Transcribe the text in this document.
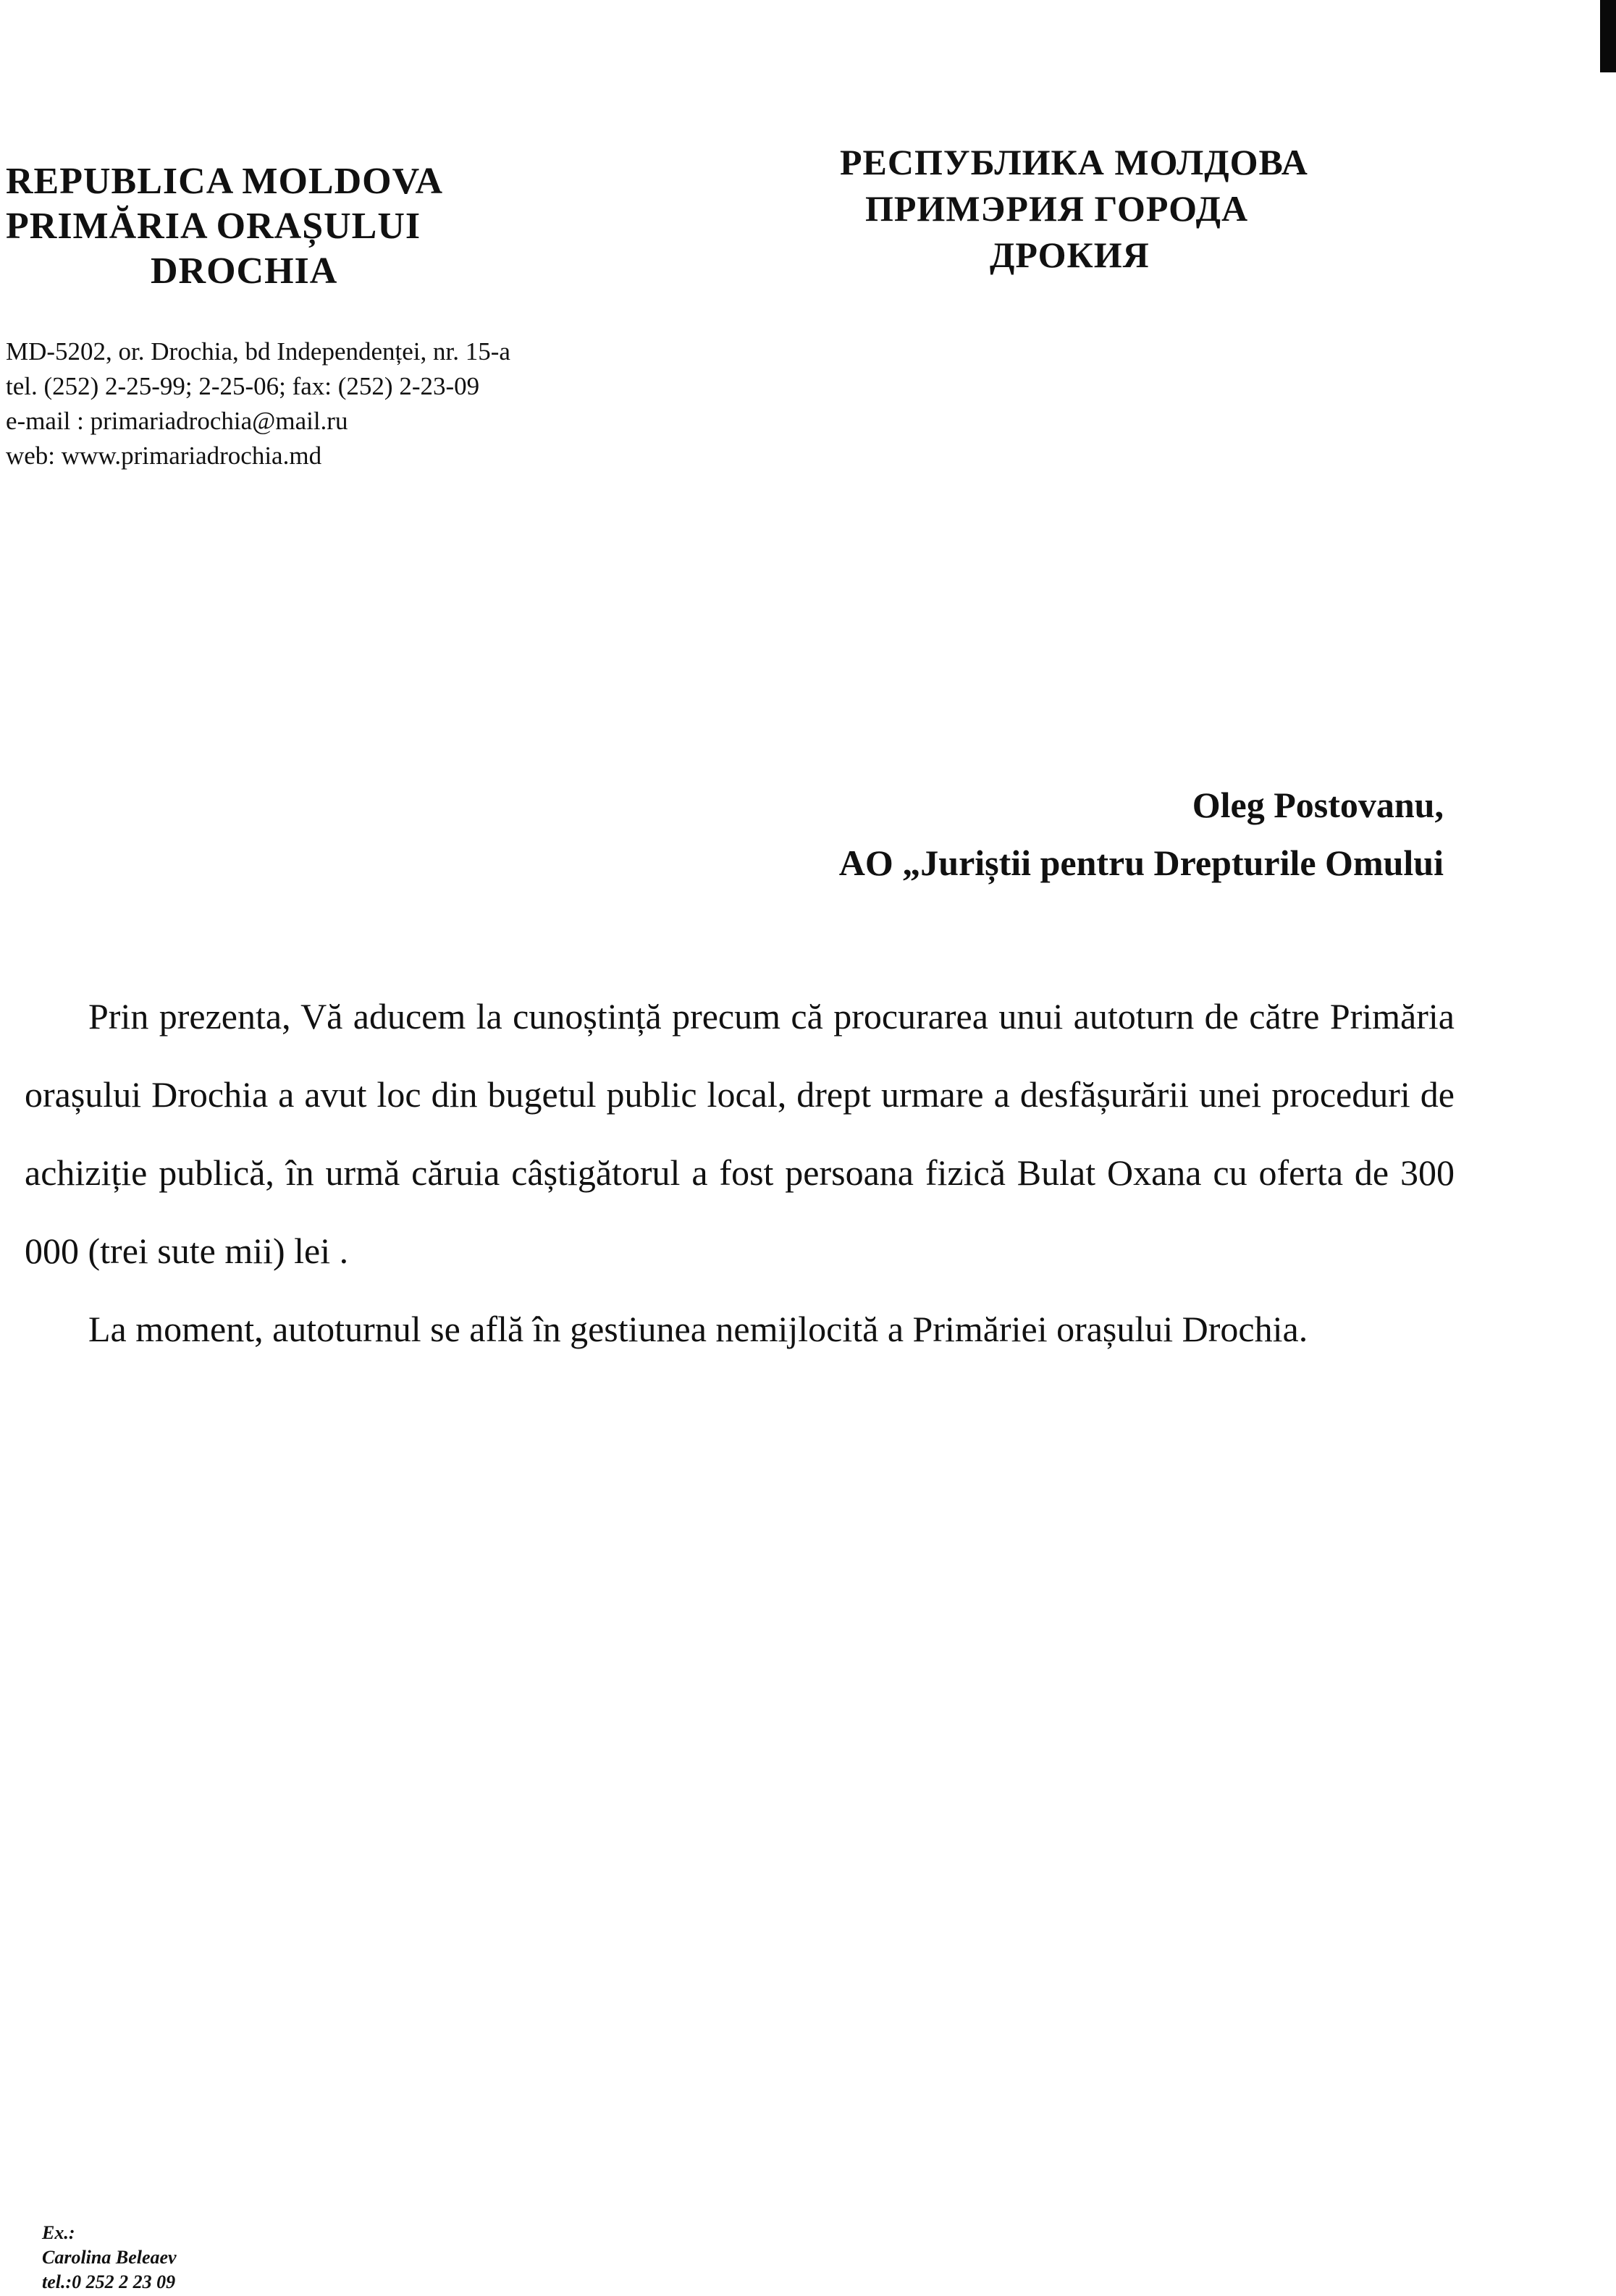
REPUBLICA MOLDOVA
PRIMĂRIA ORAȘULUI
DROCHIA
РЕСПУБЛИКА МОЛДОВА
ПРИМЭРИЯ ГОРОДА
ДРОКИЯ
MD-5202, or. Drochia, bd Independenței, nr. 15-a
tel. (252) 2-25-99; 2-25-06; fax: (252) 2-23-09
e-mail : primariadrochia@mail.ru
web: www.primariadrochia.md
Oleg Postovanu,
AO „Juriștii pentru Drepturile Omului

Prin prezenta, Vă aducem la cunoștință precum că procurarea unui autoturn de către Primăria orașului Drochia a avut loc din bugetul public local, drept urmare a desfășurării unei proceduri de achiziție publică, în urmă căruia câștigătorul a fost persoana fizică Bulat Oxana cu oferta de 300 000 (trei sute mii) lei .

La moment, autoturnul se află în gestiunea nemijlocită a Primăriei orașului Drochia.

Ex.:
Carolina Beleaev
tel.:0 252 2 23 09
